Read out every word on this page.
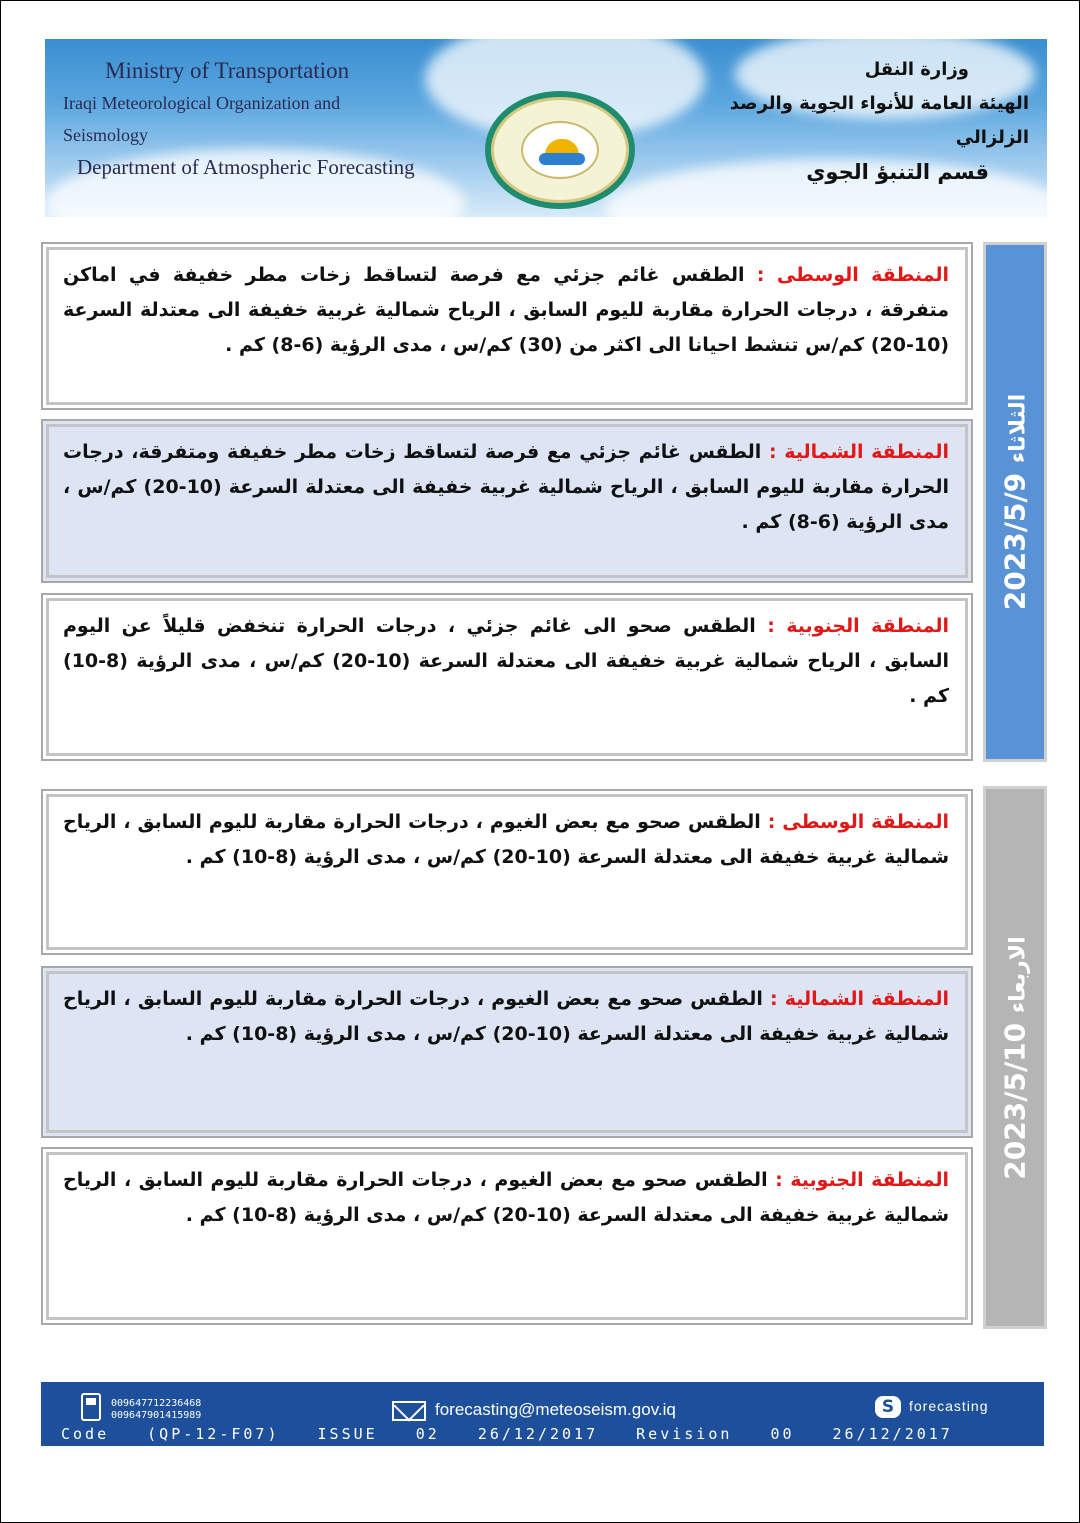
Ministry of Transportation
Iraqi Meteorological Organization and Seismology
Department of Atmospheric Forecasting
وزارة النقل
الهيئة العامة للأنواء الجوية والرصد الزلزالي
قسم التنبؤ الجوي
2023/5/9 الثلاثاء
2023/5/10 الاربعاء
المنطقة الوسطى : الطقس غائم جزئي مع فرصة لتساقط زخات مطر خفيفة في اماكن متفرقة ، درجات الحرارة مقاربة لليوم السابق ، الرياح شمالية غربية خفيفة الى معتدلة السرعة (10-20) كم/س تنشط احيانا الى اكثر من (30) كم/س ، مدى الرؤية (6-8) كم .
المنطقة الشمالية : الطقس غائم جزئي مع فرصة لتساقط زخات مطر خفيفة ومتفرقة، درجات الحرارة مقاربة لليوم السابق ، الرياح شمالية غربية خفيفة الى معتدلة السرعة (10-20) كم/س ، مدى الرؤية (6-8) كم .
المنطقة الجنوبية : الطقس صحو الى غائم جزئي ، درجات الحرارة تنخفض قليلاً عن اليوم السابق ، الرياح شمالية غربية خفيفة الى معتدلة السرعة (10-20) كم/س ، مدى الرؤية (8-10) كم .
المنطقة الوسطى : الطقس صحو مع بعض الغيوم ، درجات الحرارة مقاربة لليوم السابق ، الرياح شمالية غربية خفيفة الى معتدلة السرعة (10-20) كم/س ، مدى الرؤية (8-10) كم .
المنطقة الشمالية : الطقس صحو مع بعض الغيوم ، درجات الحرارة مقاربة لليوم السابق ، الرياح شمالية غربية خفيفة الى معتدلة السرعة (10-20) كم/س ، مدى الرؤية (8-10) كم .
المنطقة الجنوبية : الطقس صحو مع بعض الغيوم ، درجات الحرارة مقاربة لليوم السابق ، الرياح شمالية غربية خفيفة الى معتدلة السرعة (10-20) كم/س ، مدى الرؤية (8-10) كم .
009647712236468
009647901415989	forecasting@meteoseism.gov.iq	S	forecasting
Code	(QP-12-F07)	ISSUE	02	26/12/2017	Revision	00	26/12/2017
